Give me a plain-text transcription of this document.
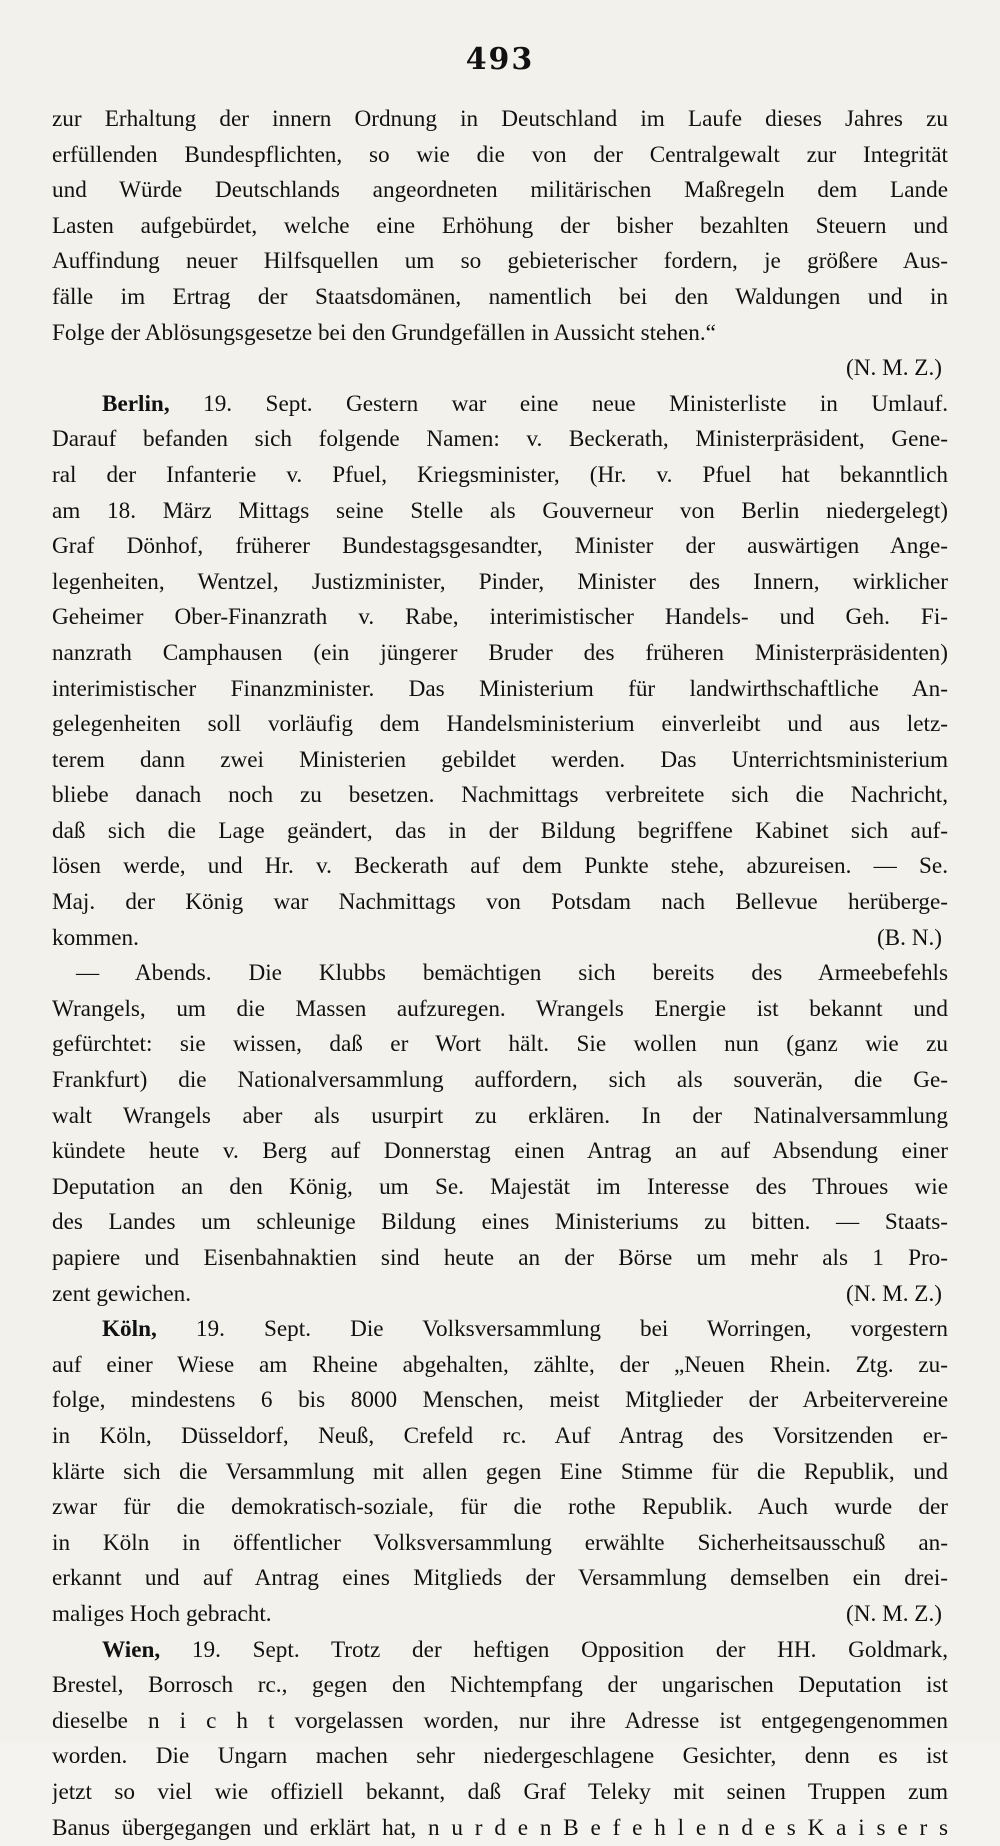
493
zur Erhaltung der innern Ordnung in Deutschland im Laufe dieses Jahres zu
erfüllenden Bundespflichten, so wie die von der Centralgewalt zur Integrität
und Würde Deutschlands angeordneten militärischen Maßregeln dem Lande
Lasten aufgebürdet, welche eine Erhöhung der bisher bezahlten Steuern und
Auffindung neuer Hilfsquellen um so gebieterischer fordern, je größere Aus-
fälle im Ertrag der Staatsdomänen, namentlich bei den Waldungen und in
Folge der Ablösungsgesetze bei den Grundgefällen in Aussicht stehen.“
(N. M. Z.)
Berlin, 19. Sept. Gestern war eine neue Ministerliste in Umlauf.
Darauf befanden sich folgende Namen: v. Beckerath, Ministerpräsident, Gene-
ral der Infanterie v. Pfuel, Kriegsminister, (Hr. v. Pfuel hat bekanntlich
am 18. März Mittags seine Stelle als Gouverneur von Berlin niedergelegt)
Graf Dönhof, früherer Bundestagsgesandter, Minister der auswärtigen Ange-
legenheiten, Wentzel, Justizminister, Pinder, Minister des Innern, wirklicher
Geheimer Ober-Finanzrath v. Rabe, interimistischer Handels- und Geh. Fi-
nanzrath Camphausen (ein jüngerer Bruder des früheren Ministerpräsidenten)
interimistischer Finanzminister. Das Ministerium für landwirthschaftliche An-
gelegenheiten soll vorläufig dem Handelsministerium einverleibt und aus letz-
terem dann zwei Ministerien gebildet werden. Das Unterrichtsministerium
bliebe danach noch zu besetzen. Nachmittags verbreitete sich die Nachricht,
daß sich die Lage geändert, das in der Bildung begriffene Kabinet sich auf-
lösen werde, und Hr. v. Beckerath auf dem Punkte stehe, abzureisen. — Se.
Maj. der König war Nachmittags von Potsdam nach Bellevue herüberge-
kommen.	(B. N.)
— Abends. Die Klubbs bemächtigen sich bereits des Armeebefehls
Wrangels, um die Massen aufzuregen. Wrangels Energie ist bekannt und
gefürchtet: sie wissen, daß er Wort hält. Sie wollen nun (ganz wie zu
Frankfurt) die Nationalversammlung auffordern, sich als souverän, die Ge-
walt Wrangels aber als usurpirt zu erklären. In der Natinalversammlung
kündete heute v. Berg auf Donnerstag einen Antrag an auf Absendung einer
Deputation an den König, um Se. Majestät im Interesse des Throues wie
des Landes um schleunige Bildung eines Ministeriums zu bitten. — Staats-
papiere und Eisenbahnaktien sind heute an der Börse um mehr als 1 Pro-
zent gewichen.	(N. M. Z.)
Köln, 19. Sept. Die Volksversammlung bei Worringen, vorgestern
auf einer Wiese am Rheine abgehalten, zählte, der „Neuen Rhein. Ztg. zu-
folge, mindestens 6 bis 8000 Menschen, meist Mitglieder der Arbeitervereine
in Köln, Düsseldorf, Neuß, Crefeld rc. Auf Antrag des Vorsitzenden er-
klärte sich die Versammlung mit allen gegen Eine Stimme für die Republik, und
zwar für die demokratisch-soziale, für die rothe Republik. Auch wurde der
in Köln in öffentlicher Volksversammlung erwählte Sicherheitsausschuß an-
erkannt und auf Antrag eines Mitglieds der Versammlung demselben ein drei-
maliges Hoch gebracht.	(N. M. Z.)
Wien, 19. Sept. Trotz der heftigen Opposition der HH. Goldmark,
Brestel, Borrosch rc., gegen den Nichtempfang der ungarischen Deputation ist
dieselbe n i c h t vorgelassen worden, nur ihre Adresse ist entgegengenommen
worden. Die Ungarn machen sehr niedergeschlagene Gesichter, denn es ist
jetzt so viel wie offiziell bekannt, daß Graf Teleky mit seinen Truppen zum
Banus übergegangen und erklärt hat, n u r d e n B e f e h l e n d e s K a i s e r s
